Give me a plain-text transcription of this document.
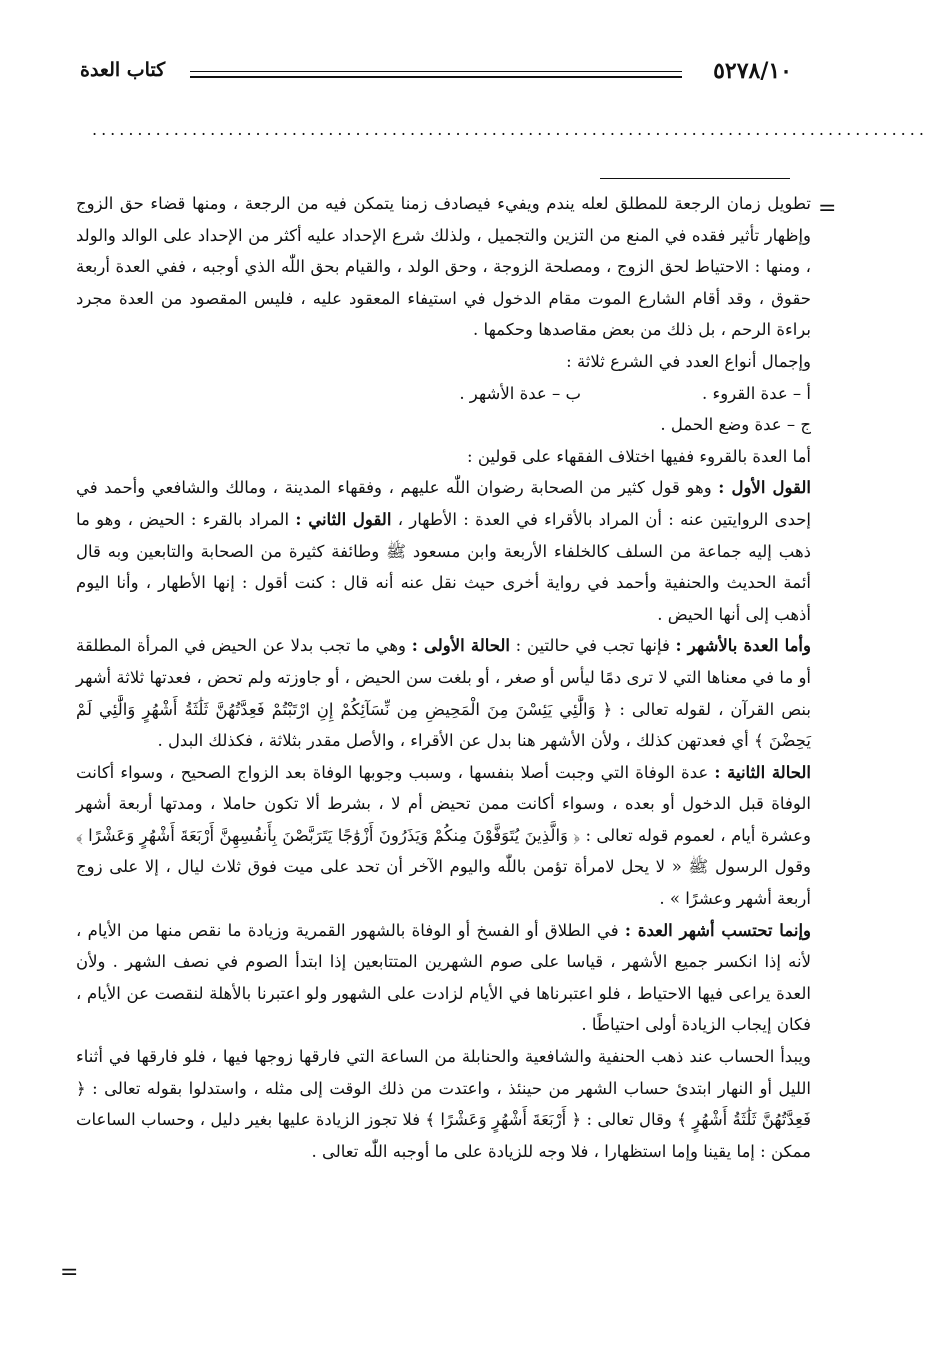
٥٢٧٨/١٠
كتاب العدة
............................................................................................
=
=

تطويل زمان الرجعة للمطلق لعله يندم ويفيء فيصادف زمنا يتمكن فيه من الرجعة ، ومنها قضاء حق الزوج وإظهار تأثير فقده في المنع من التزين والتجميل ، ولذلك شرع الإحداد عليه أكثر من الإحداد على الوالد والولد ، ومنها : الاحتياط لحق الزوج ، ومصلحة الزوجة ، وحق الولد ، والقيام بحق اللّٰه الذي أوجبه ، ففي العدة أربعة حقوق ، وقد أقام الشارع الموت مقام الدخول في استيفاء المعقود عليه ، فليس المقصود من العدة مجرد براءة الرحم ، بل ذلك من بعض مقاصدها وحكمها .

وإجمال أنواع العدد في الشرع ثلاثة :

أ – عدة القروء .
ب – عدة الأشهر .

ج – عدة وضع الحمل .

أما العدة بالقروء ففيها اختلاف الفقهاء على قولين :

القول الأول : وهو قول كثير من الصحابة رضوان اللّٰه عليهم ، وفقهاء المدينة ، ومالك والشافعي وأحمد في إحدى الروايتين عنه : أن المراد بالأقراء في العدة : الأطهار ، القول الثاني : المراد بالقرء : الحيض ، وهو ما ذهب إليه جماعة من السلف كالخلفاء الأربعة وابن مسعود ﷺ وطائفة كثيرة من الصحابة والتابعين وبه قال أئمة الحديث والحنفية وأحمد في رواية أخرى حيث نقل عنه أنه قال : كنت أقول : إنها الأطهار ، وأنا اليوم أذهب إلى أنها الحيض .

وأما العدة بالأشهر : فإنها تجب في حالتين : الحالة الأولى : وهي ما تجب بدلا عن الحيض في المرأة المطلقة أو ما في معناها التي لا ترى دمًا ليأس أو صغر ، أو بلغت سن الحيض ، أو جاوزته ولم تحض ، فعدتها ثلاثة أشهر بنص القرآن ، لقوله تعالى : ﴿ وَالَّٰئِي يَئِسْنَ مِنَ الْمَحِيضِ مِن نِّسَآئِكُمْ إِنِ ارْتَبْتُمْ فَعِدَّتُهُنَّ ثَلَٰثَةُ أَشْهُرٍ وَالَّٰئِي لَمْ يَحِضْنَ ﴾ أي فعدتهن كذلك ، ولأن الأشهر هنا بدل عن الأقراء ، والأصل مقدر بثلاثة ، فكذلك البدل .

الحالة الثانية : عدة الوفاة التي وجبت أصلا بنفسها ، وسبب وجوبها الوفاة بعد الزواج الصحيح ، وسواء أكانت الوفاة قبل الدخول أو بعده ، وسواء أكانت ممن تحيض أم لا ، بشرط ألا تكون حاملا ، ومدتها أربعة أشهر وعشرة أيام ، لعموم قوله تعالى : ﴿ وَالَّذِينَ يُتَوَفَّوْنَ مِنكُمْ وَيَذَرُونَ أَزْوَٰجًا يَتَرَبَّصْنَ بِأَنفُسِهِنَّ أَرْبَعَةَ أَشْهُرٍ وَعَشْرًا ﴾ وقول الرسول ﷺ « لا يحل لامرأة تؤمن باللّٰه واليوم الآخر أن تحد على ميت فوق ثلاث ليال ، إلا على زوج أربعة أشهر وعشرًا » .

وإنما تحتسب أشهر العدة : في الطلاق أو الفسخ أو الوفاة بالشهور القمرية وزيادة ما نقص منها من الأيام ، لأنه إذا انكسر جميع الأشهر ، قياسا على صوم الشهرين المتتابعين إذا ابتدأ الصوم في نصف الشهر . ولأن العدة يراعى فيها الاحتياط ، فلو اعتبرناها في الأيام لزادت على الشهور ولو اعتبرنا بالأهلة لنقصت عن الأيام ، فكان إيجاب الزيادة أولى احتياطًا .

ويبدأ الحساب عند ذهب الحنفية والشافعية والحنابلة من الساعة التي فارقها زوجها فيها ، فلو فارقها في أثناء الليل أو النهار ابتدئ حساب الشهر من حينئذ ، واعتدت من ذلك الوقت إلى مثله ، واستدلوا بقوله تعالى : ﴿ فَعِدَّتُهُنَّ ثَلَٰثَةُ أَشْهُرٍ ﴾ وقال تعالى : ﴿ أَرْبَعَةَ أَشْهُرٍ وَعَشْرًا ﴾ فلا تجوز الزيادة عليها بغير دليل ، وحساب الساعات ممكن : إما يقينا وإما استظهارا ، فلا وجه للزيادة على ما أوجبه اللّٰه تعالى .
